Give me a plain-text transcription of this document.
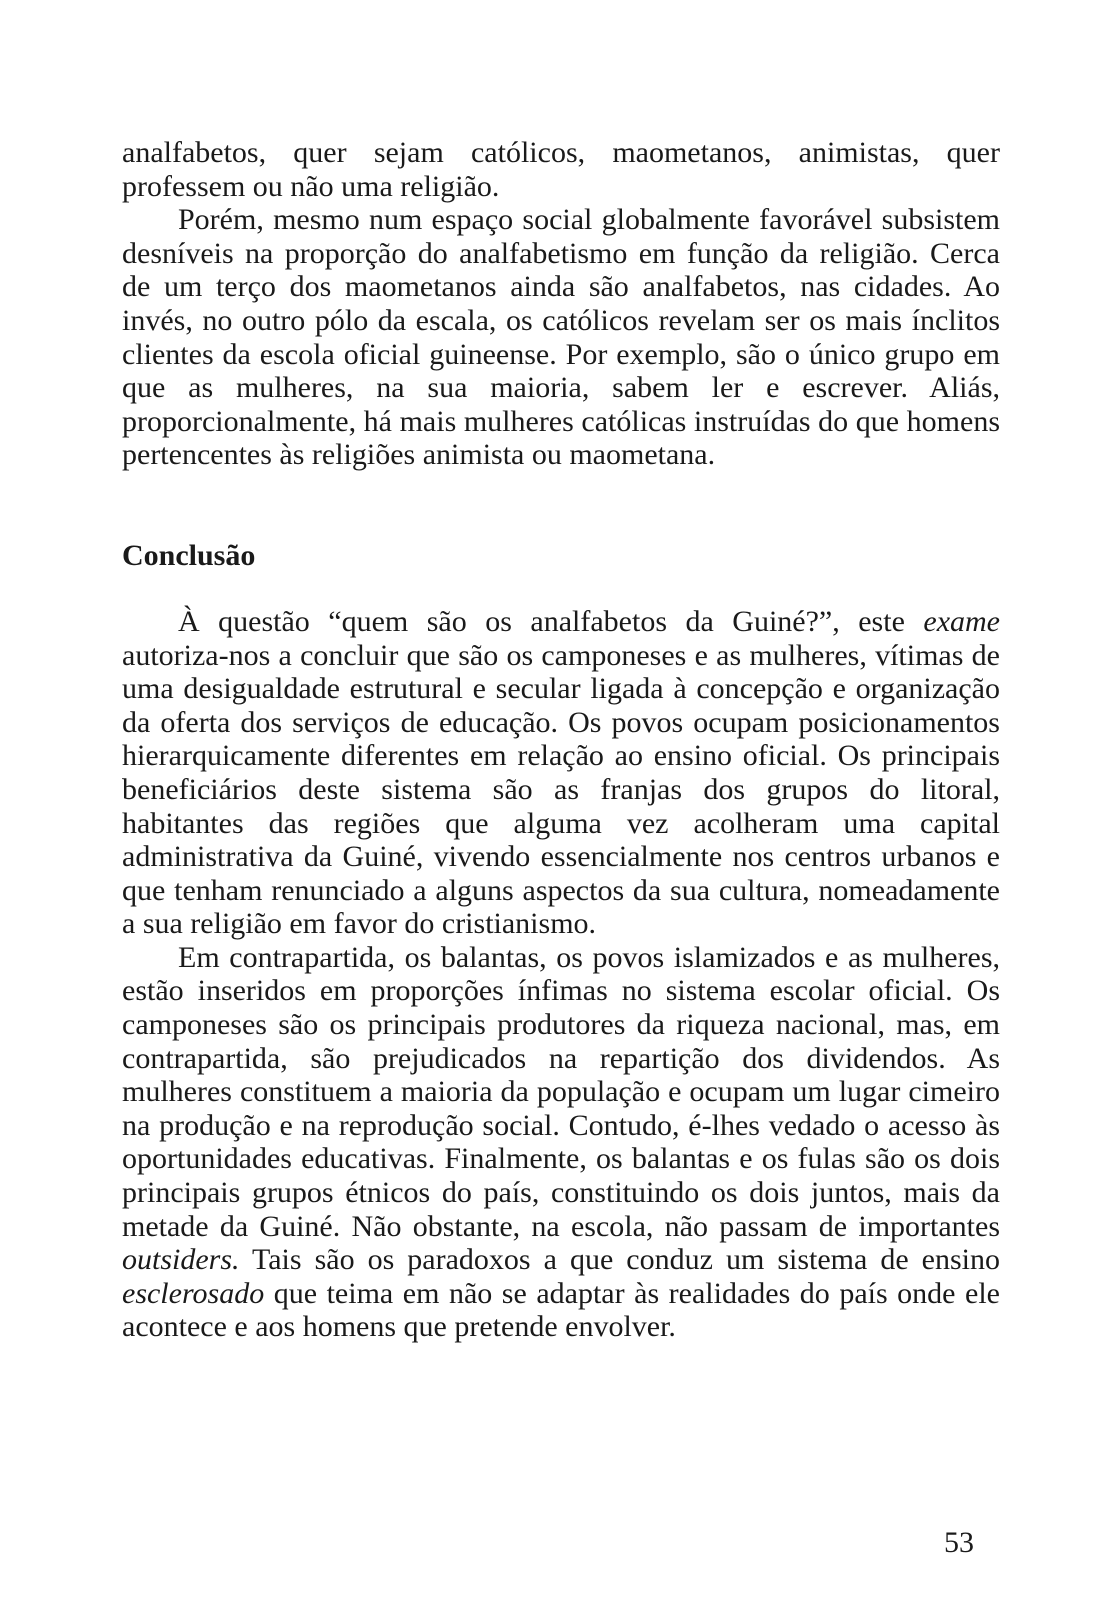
analfabetos, quer sejam católicos, maometanos, animistas, quer professem ou não uma religião.

Porém, mesmo num espaço social globalmente favorável subsistem desníveis na proporção do analfabetismo em função da religião. Cerca de um terço dos maometanos ainda são analfabetos, nas cidades. Ao invés, no outro pólo da escala, os católicos revelam ser os mais ínclitos clientes da escola oficial guineense. Por exemplo, são o único grupo em que as mulheres, na sua maioria, sabem ler e escrever. Aliás, proporcionalmente, há mais mulheres católicas instruídas do que homens pertencentes às religiões animista ou maometana.

Conclusão

À questão “quem são os analfabetos da Guiné?”, este exame autoriza-nos a concluir que são os camponeses e as mulheres, vítimas de uma desigualdade estrutural e secular ligada à concepção e organização da oferta dos serviços de educação. Os povos ocupam posicionamentos hierarquicamente diferentes em relação ao ensino oficial. Os principais beneficiários deste sistema são as franjas dos grupos do litoral, habitantes das regiões que alguma vez acolheram uma capital administrativa da Guiné, vivendo essencialmente nos centros urbanos e que tenham renunciado a alguns aspectos da sua cultura, nomeadamente a sua religião em favor do cristianismo.

Em contrapartida, os balantas, os povos islamizados e as mulheres, estão inseridos em proporções ínfimas no sistema escolar oficial. Os camponeses são os principais produtores da riqueza nacional, mas, em contrapartida, são prejudicados na repartição dos dividendos. As mulheres constituem a maioria da população e ocupam um lugar cimeiro na produção e na reprodução social. Contudo, é-lhes vedado o acesso às oportunidades educativas. Finalmente, os balantas e os fulas são os dois principais grupos étnicos do país, constituindo os dois juntos, mais da metade da Guiné. Não obstante, na escola, não passam de importantes outsiders. Tais são os paradoxos a que conduz um sistema de ensino esclerosado que teima em não se adaptar às realidades do país onde ele acontece e aos homens que pretende envolver.

53
